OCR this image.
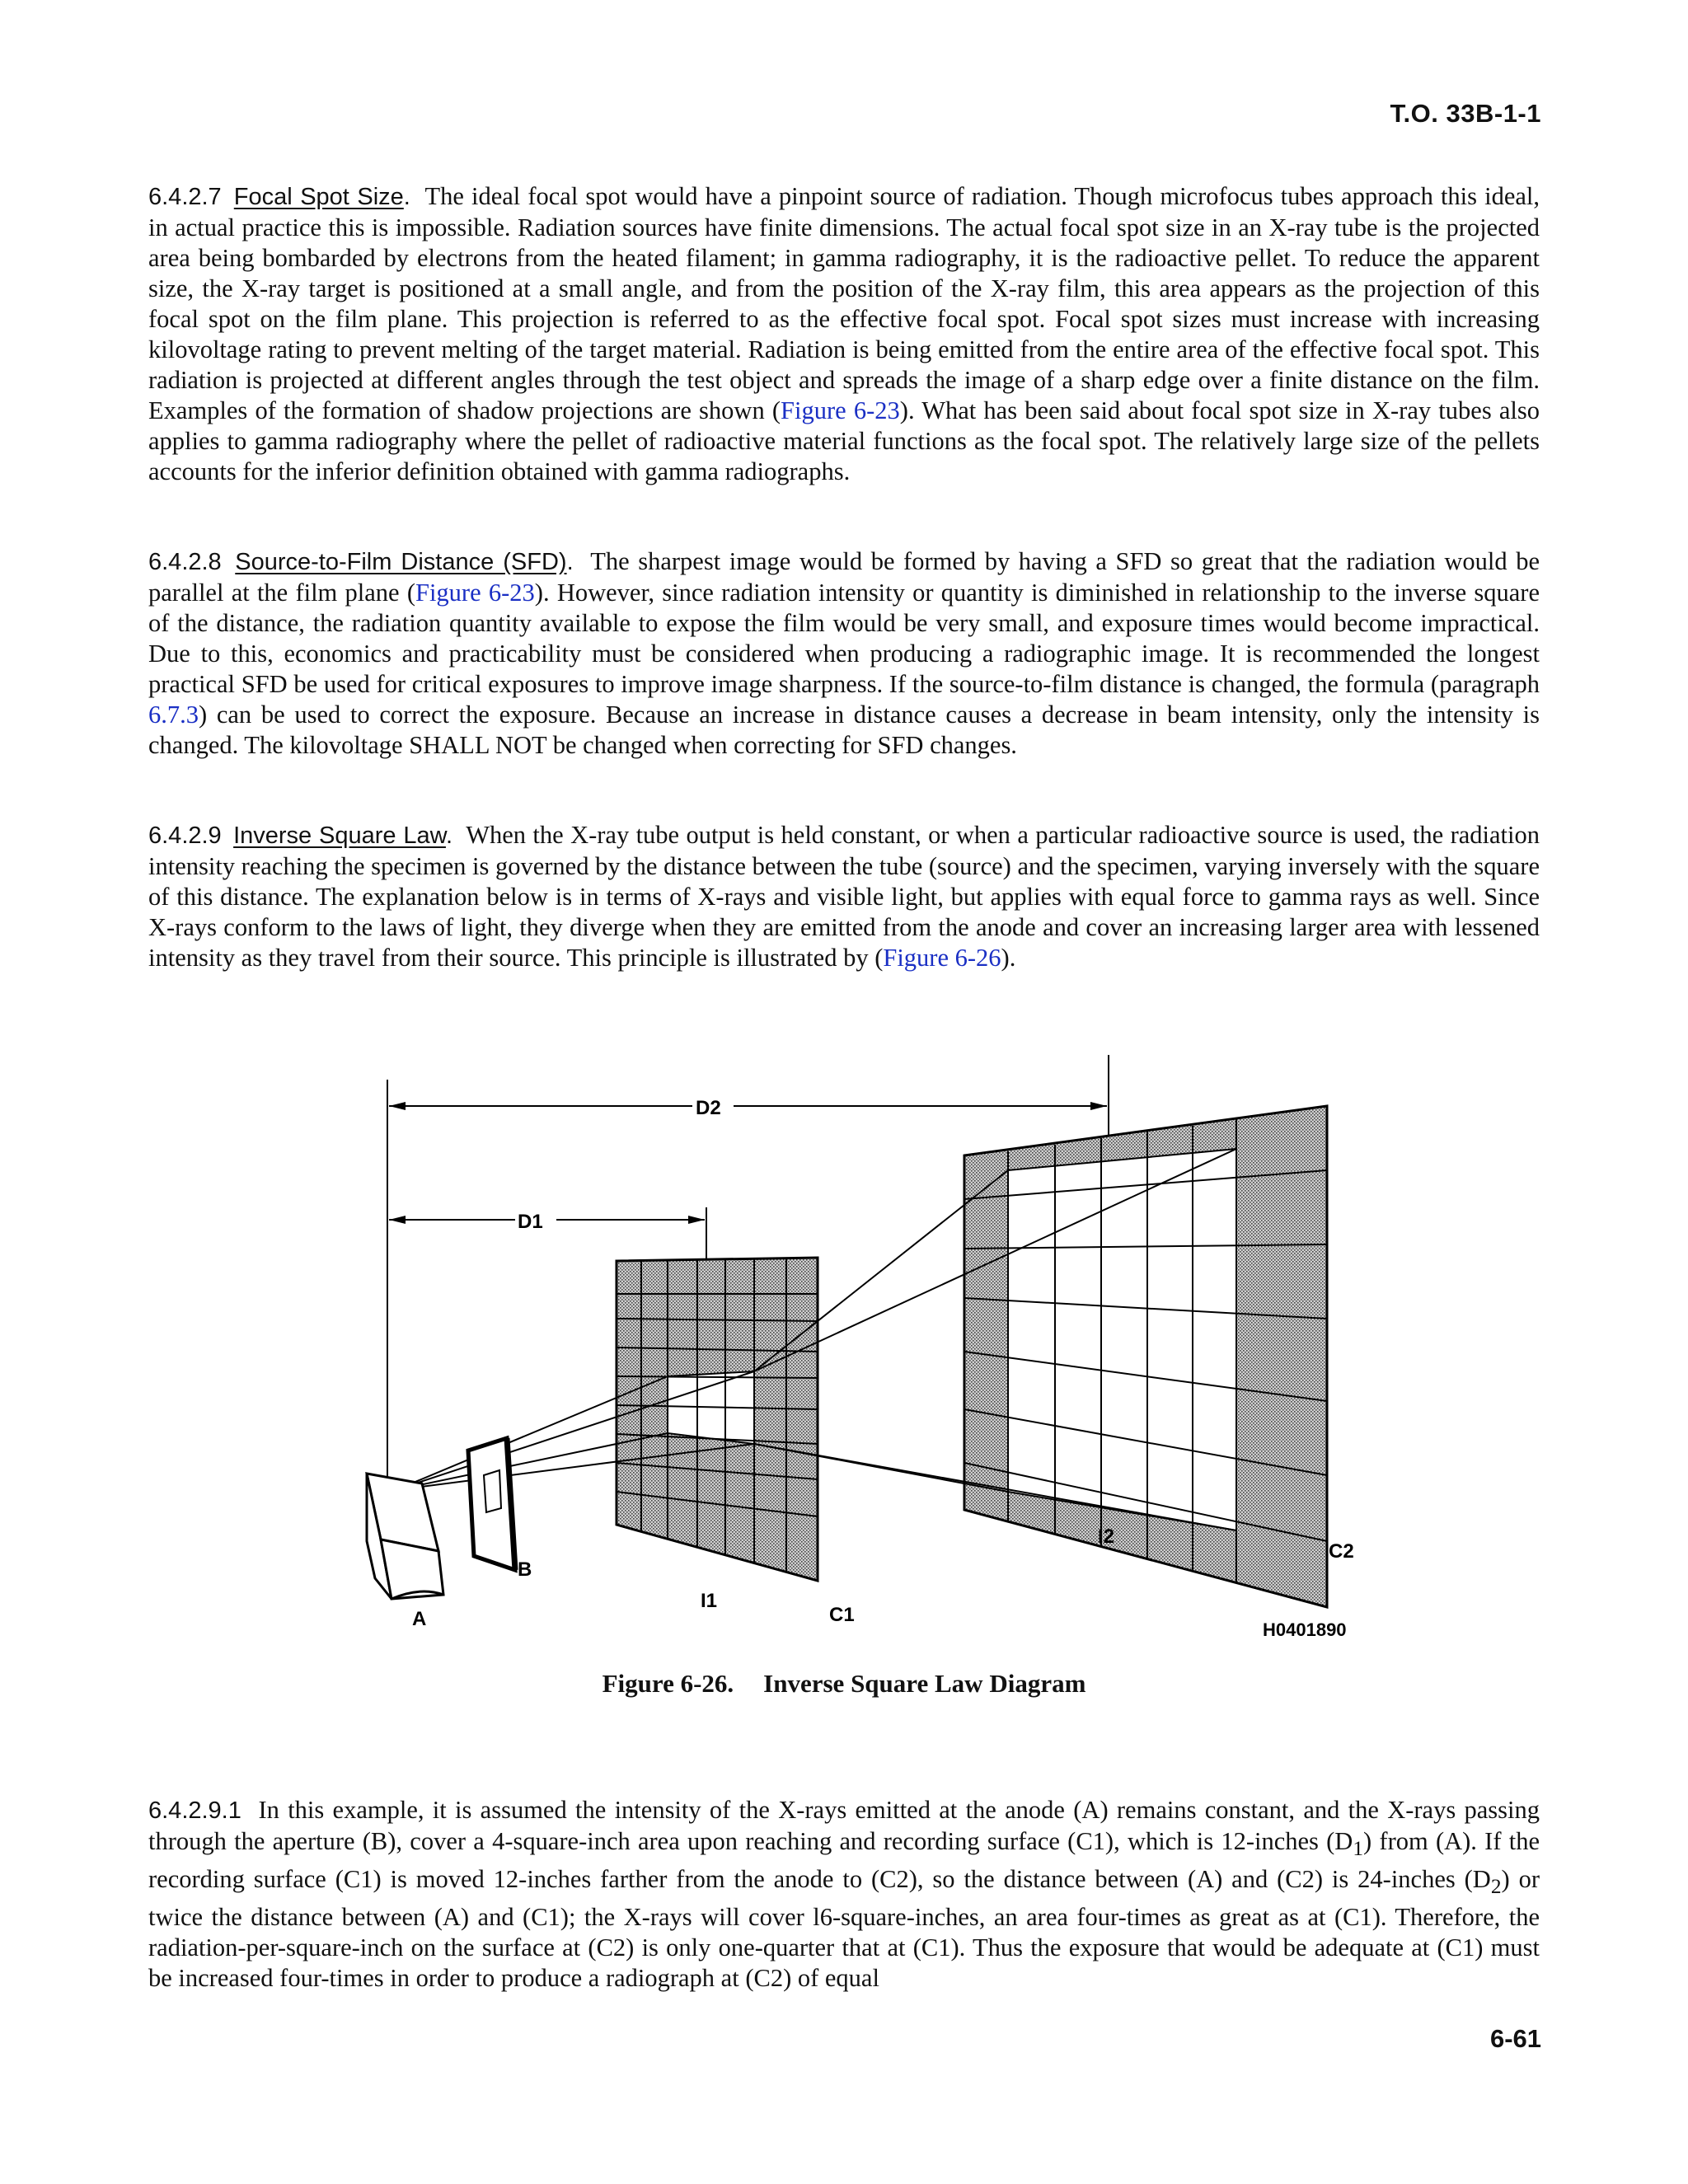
T.O. 33B-1-1
6.4.2.7 Focal Spot Size. The ideal focal spot would have a pinpoint source of radiation. Though microfocus tubes approach this ideal, in actual practice this is impossible. Radiation sources have finite dimensions. The actual focal spot size in an X-ray tube is the projected area being bombarded by electrons from the heated filament; in gamma radiography, it is the radioactive pellet. To reduce the apparent size, the X-ray target is positioned at a small angle, and from the position of the X-ray film, this area appears as the projection of this focal spot on the film plane. This projection is referred to as the effective focal spot. Focal spot sizes must increase with increasing kilovoltage rating to prevent melting of the target material. Radiation is being emitted from the entire area of the effective focal spot. This radiation is projected at different angles through the test object and spreads the image of a sharp edge over a finite distance on the film. Examples of the formation of shadow projections are shown (Figure 6-23). What has been said about focal spot size in X-ray tubes also applies to gamma radiography where the pellet of radioactive material functions as the focal spot. The relatively large size of the pellets accounts for the inferior definition obtained with gamma radiographs.
6.4.2.8 Source-to-Film Distance (SFD). The sharpest image would be formed by having a SFD so great that the radiation would be parallel at the film plane (Figure 6-23). However, since radiation intensity or quantity is diminished in relationship to the inverse square of the distance, the radiation quantity available to expose the film would be very small, and exposure times would become impractical. Due to this, economics and practicability must be considered when producing a radiographic image. It is recommended the longest practical SFD be used for critical exposures to improve image sharpness. If the source-to-film distance is changed, the formula (paragraph 6.7.3) can be used to correct the exposure. Because an increase in distance causes a decrease in beam intensity, only the intensity is changed. The kilovoltage SHALL NOT be changed when correcting for SFD changes.
6.4.2.9 Inverse Square Law. When the X-ray tube output is held constant, or when a particular radioactive source is used, the radiation intensity reaching the specimen is governed by the distance between the tube (source) and the specimen, varying inversely with the square of this distance. The explanation below is in terms of X-rays and visible light, but applies with equal force to gamma rays as well. Since X-rays conform to the laws of light, they diverge when they are emitted from the anode and cover an increasing larger area with lessened intensity as they travel from their source. This principle is illustrated by (Figure 6-26).
D2
D1
A
B
I1
C1
I2
C2
H0401890
Figure 6-26. Inverse Square Law Diagram
6.4.2.9.1 In this example, it is assumed the intensity of the X-rays emitted at the anode (A) remains constant, and the X-rays passing through the aperture (B), cover a 4-square-inch area upon reaching and recording surface (C1), which is 12-inches $(D_1)$ from (A). If the recording surface (C1) is moved 12-inches farther from the anode to (C2), so the distance between (A) and (C2) is 24-inches $(D_2)$ or twice the distance between (A) and (C1); the X-rays will cover l6-square-inches, an area four-times as great as at (C1). Therefore, the radiation-per-square-inch on the surface at (C2) is only one-quarter that at (C1). Thus the exposure that would be adequate at (C1) must be increased four-times in order to produce a radiograph at (C2) of equal
6-61
